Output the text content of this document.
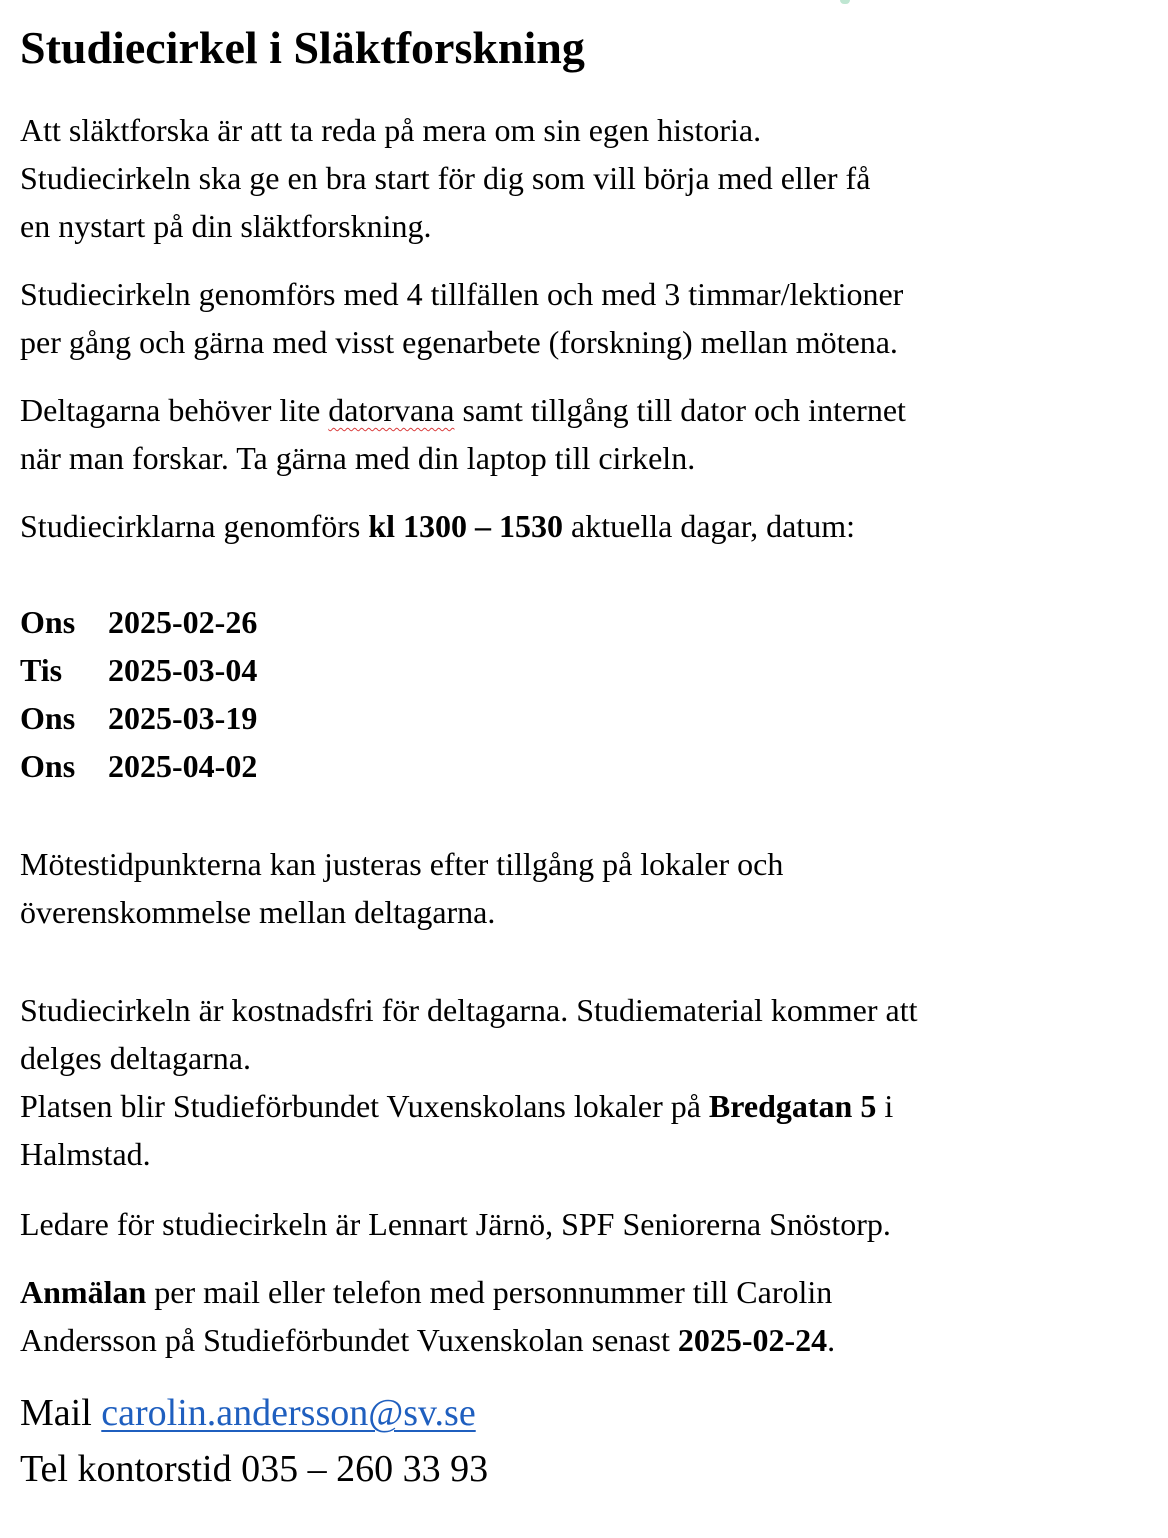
Studiecirkel i Släktforskning

Att släktforska är att ta reda på mera om sin egen historia.
Studiecirkeln ska ge en bra start för dig som vill börja med eller få
en nystart på din släktforskning.

Studiecirkeln genomförs med 4 tillfällen och med 3 timmar/lektioner
per gång och gärna med visst egenarbete (forskning) mellan mötena.

Deltagarna behöver lite datorvana samt tillgång till dator och internet
när man forskar. Ta gärna med din laptop till cirkeln.

Studiecirklarna genomförs kl 1300 – 1530 aktuella dagar, datum:

Ons 2025-02-26
Tis 2025-03-04
Ons 2025-03-19
Ons 2025-04-02

Mötestidpunkterna kan justeras efter tillgång på lokaler och
överenskommelse mellan deltagarna.

Studiecirkeln är kostnadsfri för deltagarna. Studiematerial kommer att
delges deltagarna.
Platsen blir Studieförbundet Vuxenskolans lokaler på Bredgatan 5 i
Halmstad.

Ledare för studiecirkeln är Lennart Järnö, SPF Seniorerna Snöstorp.

Anmälan per mail eller telefon med personnummer till Carolin
Andersson på Studieförbundet Vuxenskolan senast 2025-02-24.

Mail carolin.andersson@sv.se
Tel kontorstid 035 – 260 33 93
